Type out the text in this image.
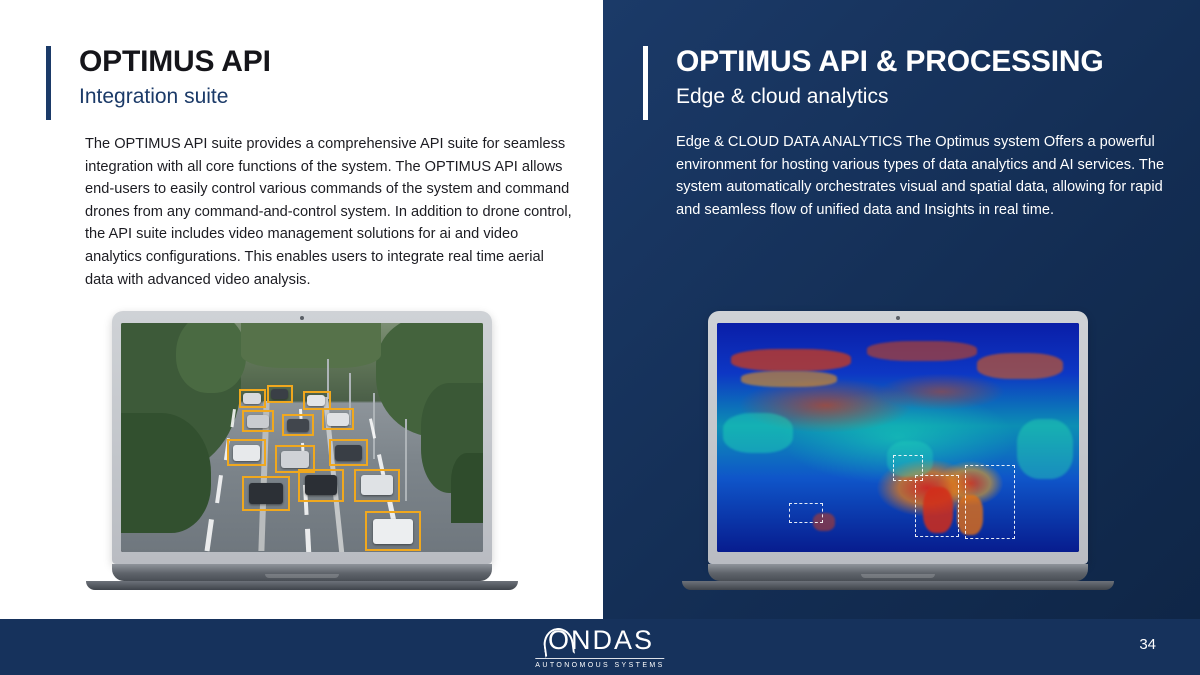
OPTIMUS API
Integration suite
The OPTIMUS API suite provides a comprehensive API suite for seamless integration with all core functions of the system. The OPTIMUS API allows end-users to easily control various commands of the system and command drones from any command-and-control system. In addition to drone control, the API suite includes video management solutions for ai and video analytics configurations. This enables users to integrate real time aerial data with advanced video analysis.
OPTIMUS API & PROCESSING
Edge & cloud analytics
Edge & CLOUD DATA ANALYTICS The Optimus system Offers a powerful environment for hosting various types of data analytics and AI services. The system automatically orchestrates visual and spatial data, allowing for rapid and seamless flow of unified data and Insights in real time.
ONDAS
AUTONOMOUS SYSTEMS
34
